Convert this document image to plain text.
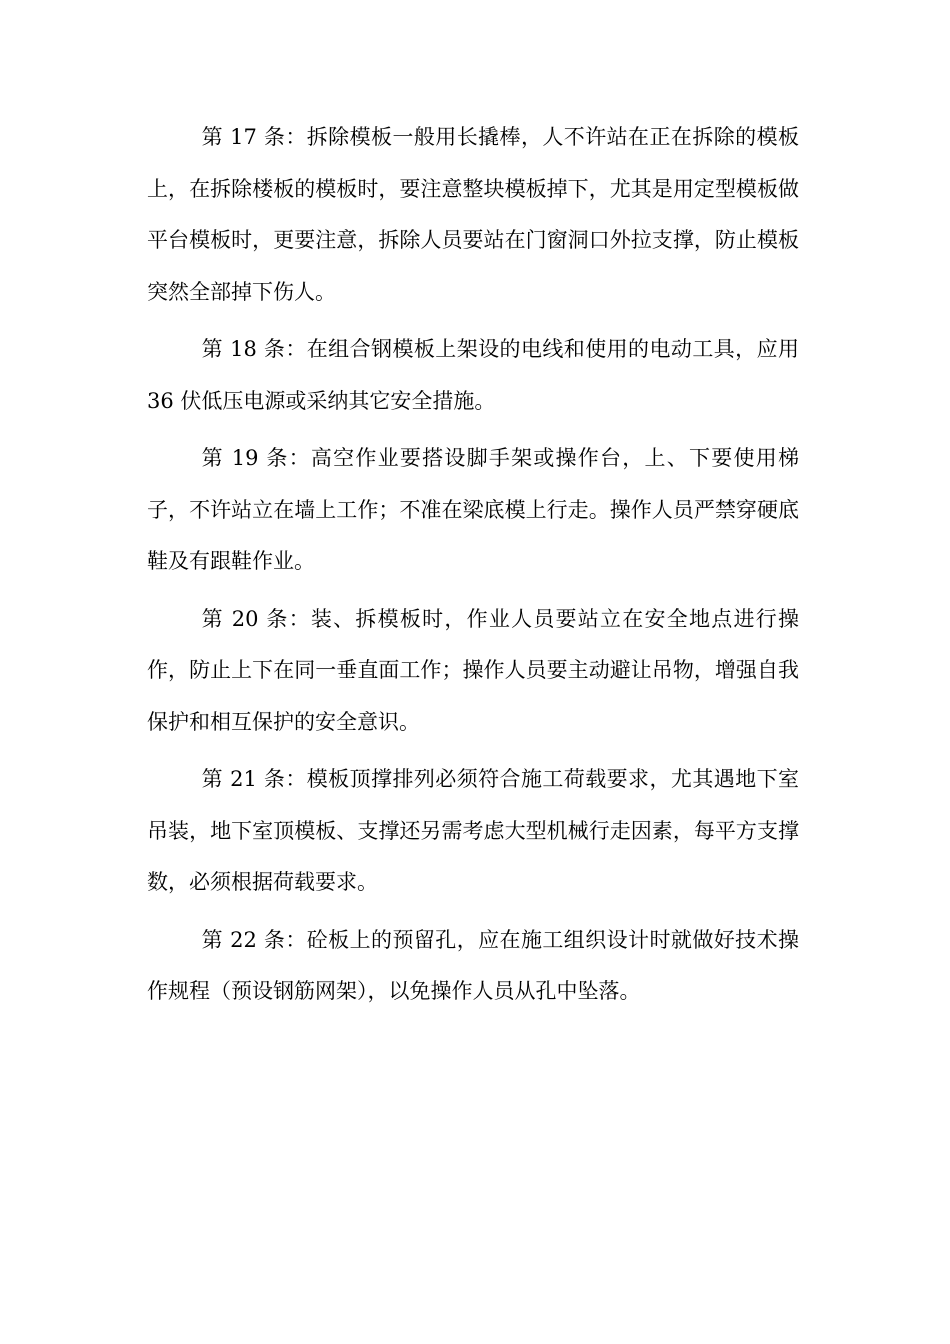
第 17 条：拆除模板一般用长撬棒，人不许站在正在拆除的模板上，在拆除楼板的模板时，要注意整块模板掉下，尤其是用定型模板做平台模板时，更要注意，拆除人员要站在门窗洞口外拉支撑，防止模板突然全部掉下伤人。

第 18 条：在组合钢模板上架设的电线和使用的电动工具，应用 36 伏低压电源或采纳其它安全措施。

第 19 条：高空作业要搭设脚手架或操作台，上、下要使用梯子，不许站立在墙上工作；不准在梁底模上行走。操作人员严禁穿硬底鞋及有跟鞋作业。

第 20 条：装、拆模板时，作业人员要站立在安全地点进行操作，防止上下在同一垂直面工作；操作人员要主动避让吊物，增强自我保护和相互保护的安全意识。

第 21 条：模板顶撑排列必须符合施工荷载要求，尤其遇地下室吊装，地下室顶模板、支撑还另需考虑大型机械行走因素，每平方支撑数，必须根据荷载要求。

第 22 条：砼板上的预留孔，应在施工组织设计时就做好技术操作规程（预设钢筋网架），以免操作人员从孔中坠落。
